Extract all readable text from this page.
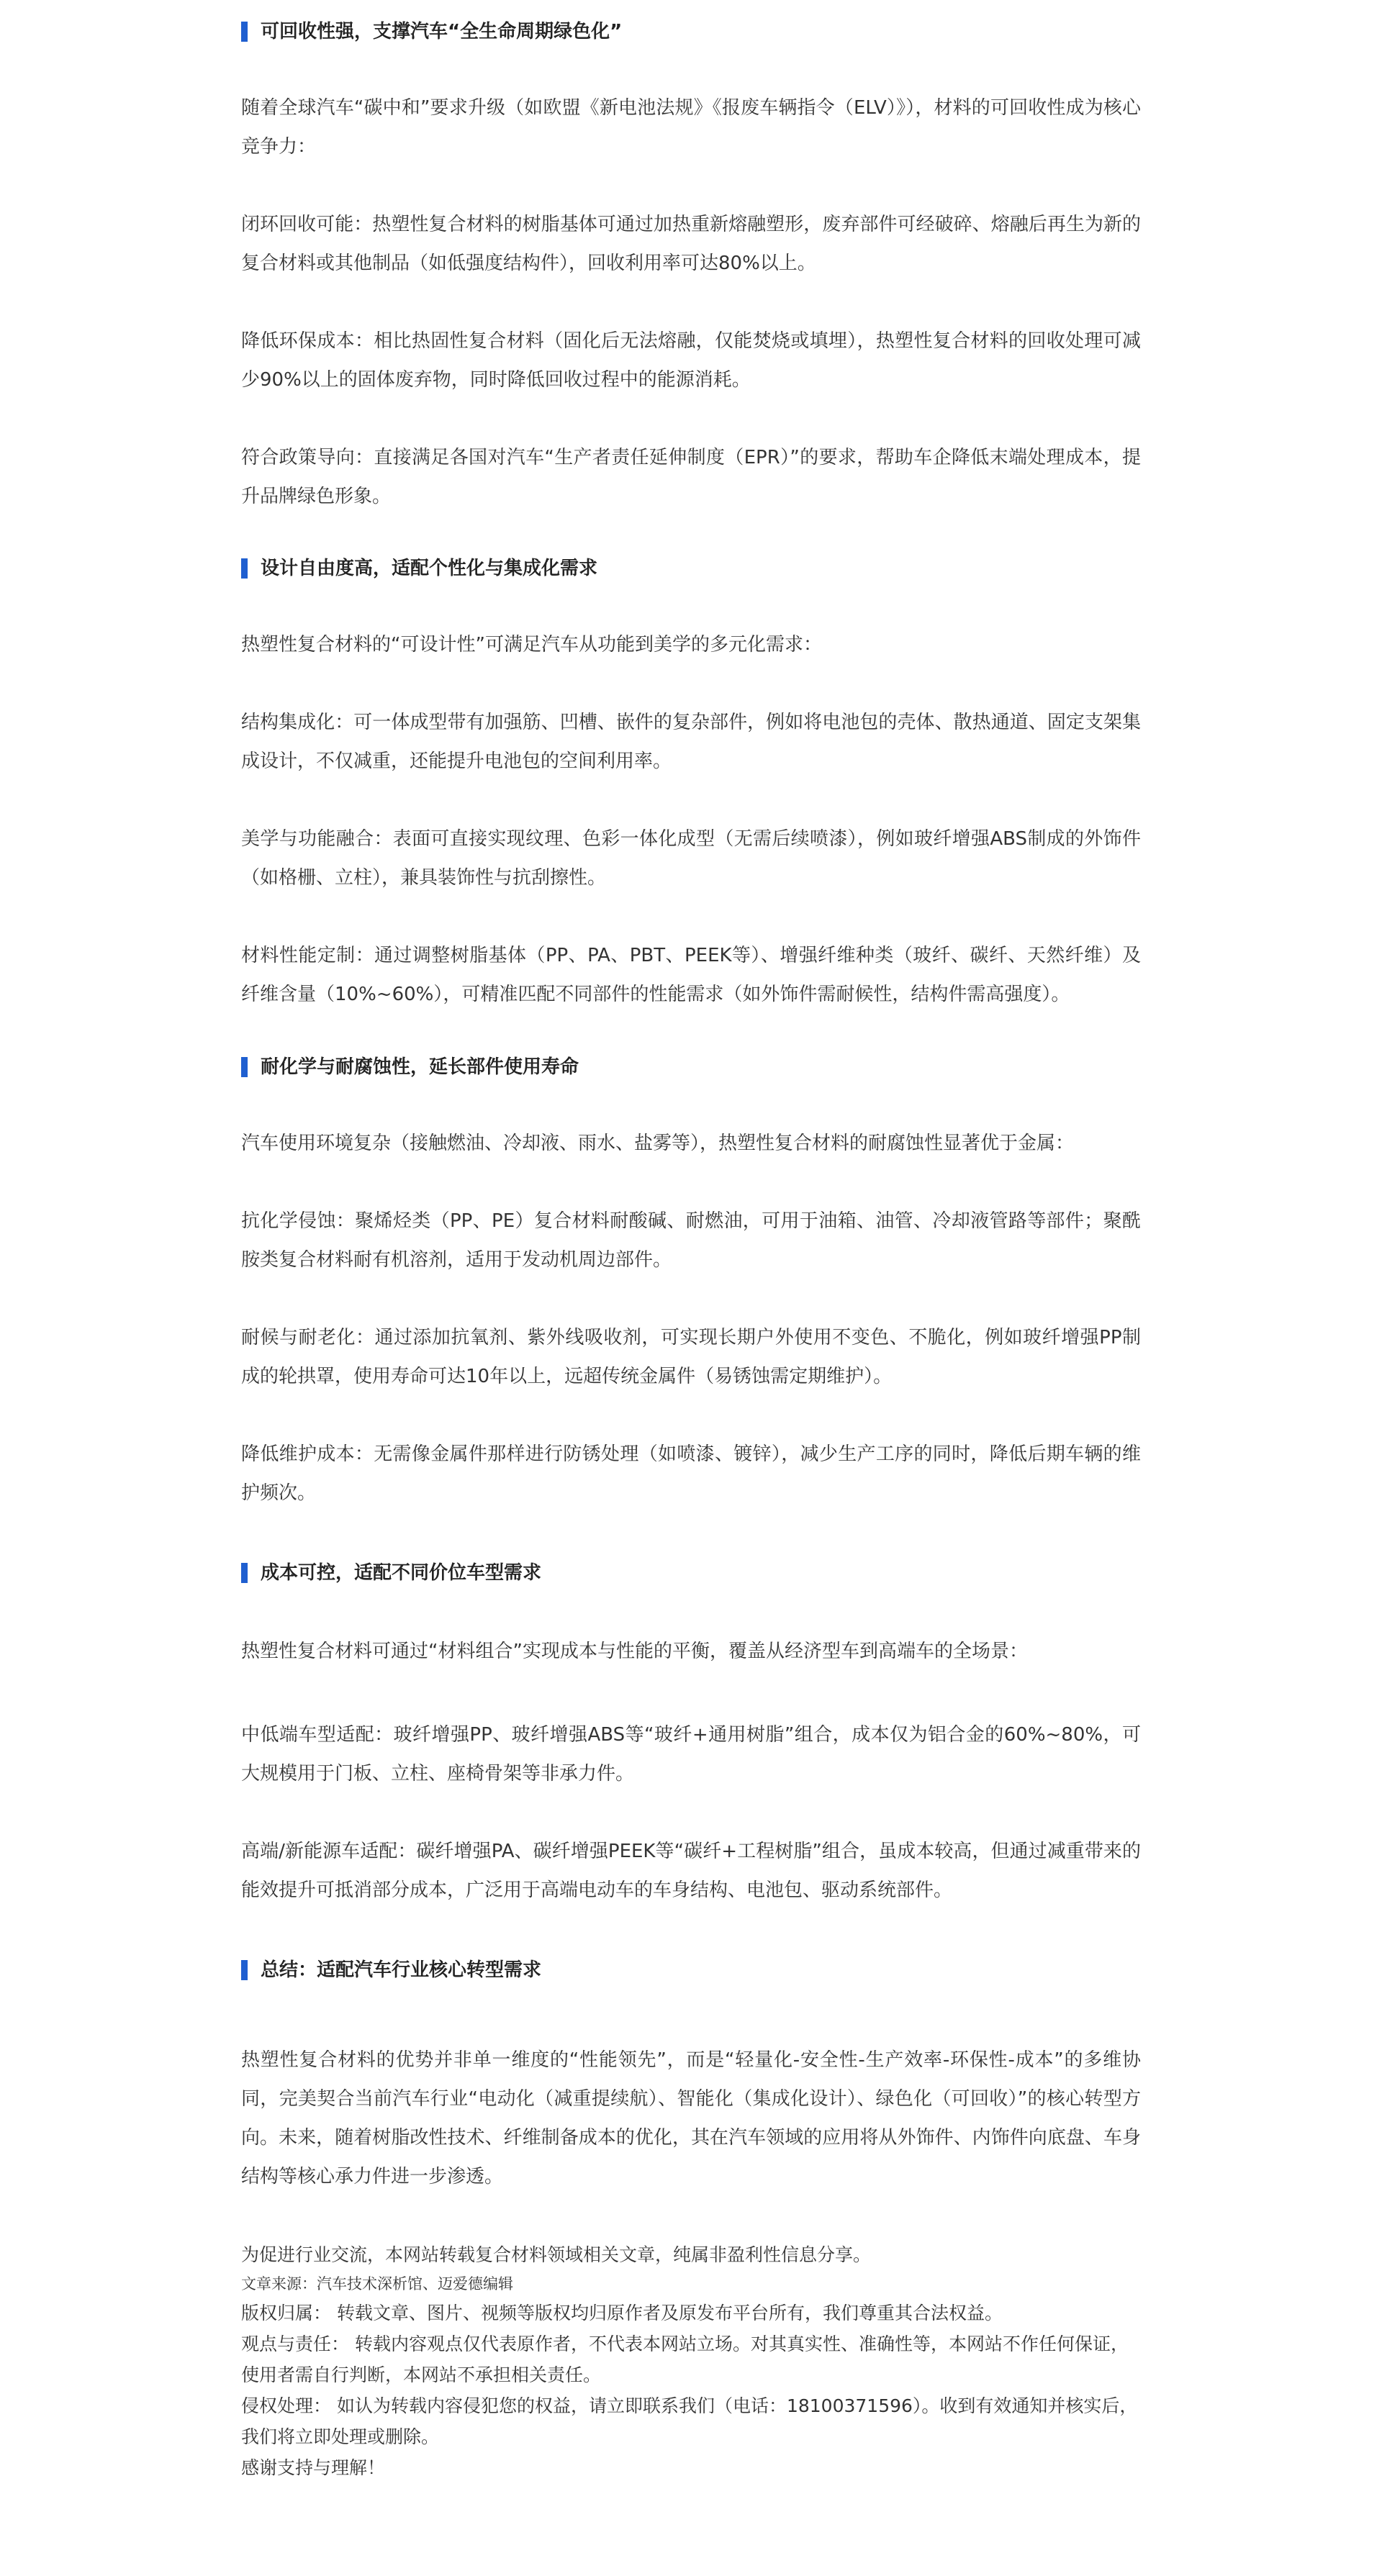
可回收性强，支撑汽车“全生命周期绿色化”

随着全球汽车“碳中和”要求升级（如欧盟《新电池法规》《报废车辆指令（ELV）》），材料的可回收性成为核心竞争力：

闭环回收可能：热塑性复合材料的树脂基体可通过加热重新熔融塑形，废弃部件可经破碎、熔融后再生为新的复合材料或其他制品（如低强度结构件），回收利用率可达80%以上。

降低环保成本：相比热固性复合材料（固化后无法熔融，仅能焚烧或填埋），热塑性复合材料的回收处理可减少90%以上的固体废弃物，同时降低回收过程中的能源消耗。

符合政策导向：直接满足各国对汽车“生产者责任延伸制度（EPR）”的要求，帮助车企降低末端处理成本，提升品牌绿色形象。

设计自由度高，适配个性化与集成化需求

热塑性复合材料的“可设计性”可满足汽车从功能到美学的多元化需求：

结构集成化：可一体成型带有加强筋、凹槽、嵌件的复杂部件，例如将电池包的壳体、散热通道、固定支架集成设计，不仅减重，还能提升电池包的空间利用率。

美学与功能融合：表面可直接实现纹理、色彩一体化成型（无需后续喷漆），例如玻纤增强ABS制成的外饰件（如格栅、立柱），兼具装饰性与抗刮擦性。

材料性能定制：通过调整树脂基体（PP、PA、PBT、PEEK等）、增强纤维种类（玻纤、碳纤、天然纤维）及纤维含量（10%~60%），可精准匹配不同部件的性能需求（如外饰件需耐候性，结构件需高强度）。

耐化学与耐腐蚀性，延长部件使用寿命

汽车使用环境复杂（接触燃油、冷却液、雨水、盐雾等），热塑性复合材料的耐腐蚀性显著优于金属：

抗化学侵蚀：聚烯烃类（PP、PE）复合材料耐酸碱、耐燃油，可用于油箱、油管、冷却液管路等部件；聚酰胺类复合材料耐有机溶剂，适用于发动机周边部件。

耐候与耐老化：通过添加抗氧剂、紫外线吸收剂，可实现长期户外使用不变色、不脆化，例如玻纤增强PP制成的轮拱罩，使用寿命可达10年以上，远超传统金属件（易锈蚀需定期维护）。

降低维护成本：无需像金属件那样进行防锈处理（如喷漆、镀锌），减少生产工序的同时，降低后期车辆的维护频次。

成本可控，适配不同价位车型需求

热塑性复合材料可通过“材料组合”实现成本与性能的平衡，覆盖从经济型车到高端车的全场景：

中低端车型适配：玻纤增强PP、玻纤增强ABS等“玻纤+通用树脂”组合，成本仅为铝合金的60%~80%，可大规模用于门板、立柱、座椅骨架等非承力件。

高端/新能源车适配：碳纤增强PA、碳纤增强PEEK等“碳纤+工程树脂”组合，虽成本较高，但通过减重带来的能效提升可抵消部分成本，广泛用于高端电动车的车身结构、电池包、驱动系统部件。

总结：适配汽车行业核心转型需求

热塑性复合材料的优势并非单一维度的“性能领先”，而是“轻量化-安全性-生产效率-环保性-成本”的多维协同，完美契合当前汽车行业“电动化（减重提续航）、智能化（集成化设计）、绿色化（可回收）”的核心转型方向。未来，随着树脂改性技术、纤维制备成本的优化，其在汽车领域的应用将从外饰件、内饰件向底盘、车身结构等核心承力件进一步渗透。

为促进行业交流，本网站转载复合材料领域相关文章，纯属非盈利性信息分享。

文章来源：汽车技术深析馆、迈爱德编辑

版权归属： 转载文章、图片、视频等版权均归原作者及原发布平台所有，我们尊重其合法权益。

观点与责任： 转载内容观点仅代表原作者，不代表本网站立场。对其真实性、准确性等，本网站不作任何保证，使用者需自行判断，本网站不承担相关责任。

侵权处理： 如认为转载内容侵犯您的权益，请立即联系我们（电话：18100371596）。收到有效通知并核实后，我们将立即处理或删除。

感谢支持与理解！
